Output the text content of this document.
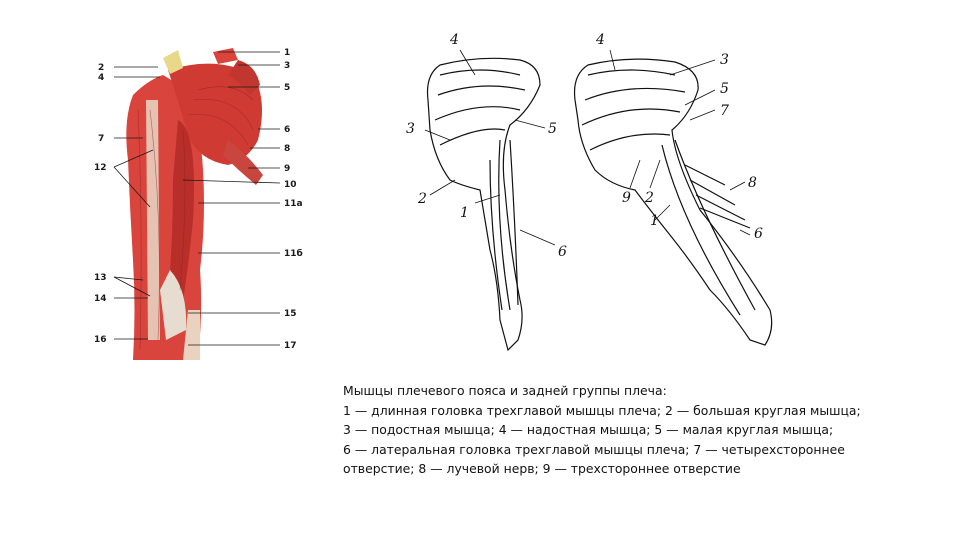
1
3
5
6
8
9
10
11а
11б
15
17
2
4
7
12
13
14
16
4
3	5
2
1
6
4
3
5
7
8
9 2
1
6
Мышцы плечевого пояса и задней группы плеча:
1 — длинная головка трехглавой мышцы плеча; 2 — большая круглая мышца;
3 — подостная мышца; 4 — надостная мышца; 5 — малая круглая мышца;
6 — латеральная головка трехглавой мышцы плеча; 7 — четырехстороннее
отверстие; 8 — лучевой нерв; 9 — трехстороннее отверстие
